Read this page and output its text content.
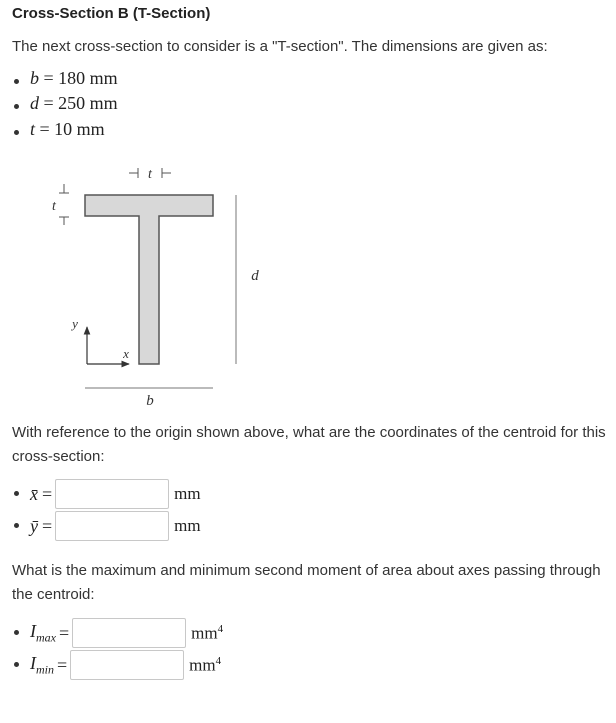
Cross-Section B (T-Section)
The next cross-section to consider is a "T-section". The dimensions are given as:
b = 180 mm
d = 250 mm
t = 10 mm
t
t
d
b
y
x
With reference to the origin shown above, what are the coordinates of the centroid for this cross-section:
x̄ =	mm
ȳ =	mm
What is the maximum and minimum second moment of area about axes passing through the centroid:
$I_{max}$ =	$mm^4$
$I_{min}$ =	$mm^4$
